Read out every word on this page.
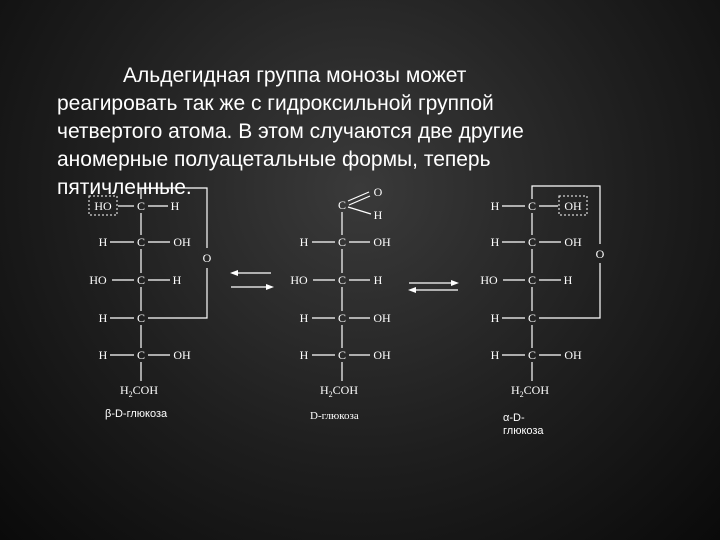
Альдегидная группа монозы может
реагировать так же с гидроксильной группой
четвертого атома. В этом случаются две другие
аномерные полуацетальные формы, теперь
пятичленные.
C
HO	H
C
H	OH
C
HO	H
C
H
C
H	OH
O
$H_2COH$
C
O
H
C
H	OH
C
HO	H
C
H	OH
C
H	OH
$H_2COH$
C
H	OH
C
H	OH
C
HO	H
C
H
C
H	OH
O
$H_2COH$
β-D-глюкоза	D-глюкоза	α-D-
глюкоза
